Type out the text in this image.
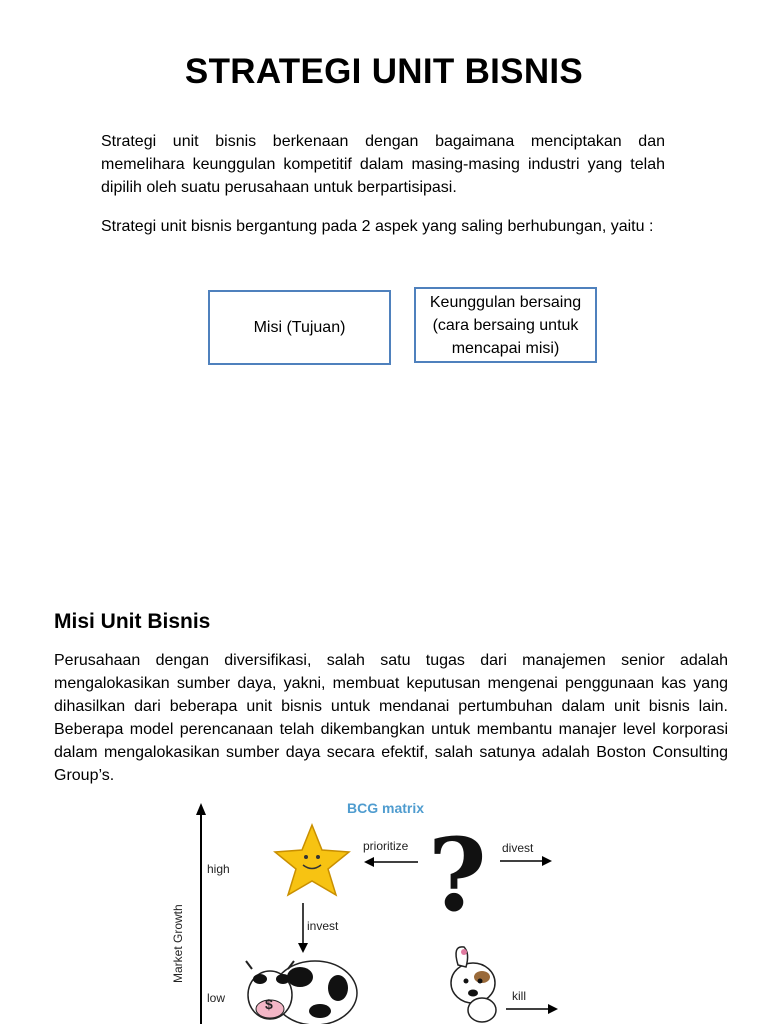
STRATEGI UNIT BISNIS

Strategi unit bisnis berkenaan dengan bagaimana menciptakan dan memelihara keunggulan kompetitif dalam masing-masing industri yang telah dipilih oleh suatu perusahaan untuk berpartisipasi.

Strategi unit bisnis bergantung pada 2 aspek yang saling berhubungan, yaitu :

Misi (Tujuan)
Keunggulan bersaing (cara bersaing untuk mencapai misi)
Misi Unit Bisnis

Perusahaan dengan diversifikasi, salah satu tugas dari manajemen senior adalah mengalokasikan sumber daya, yakni, membuat keputusan mengenai penggunaan kas yang dihasilkan dari beberapa unit bisnis untuk mendanai pertumbuhan dalam unit bisnis lain. Beberapa model perencanaan telah dikembangkan untuk membantu manajer level korporasi dalam mengalokasikan sumber daya secara efektif, salah satunya adalah Boston Consulting Group’s.

BCG matrix
Market Growth
high
low
prioritize ? divest
invest
$	kill
